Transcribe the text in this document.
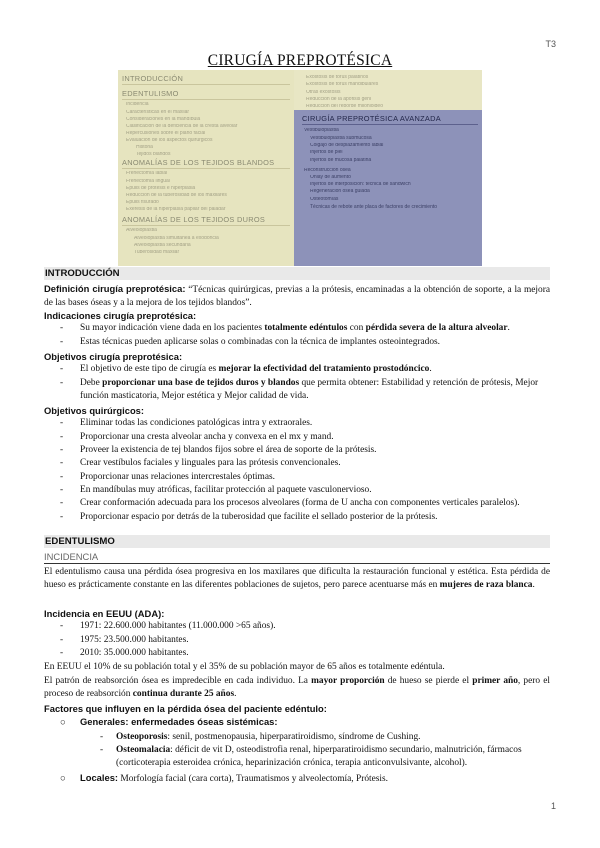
T3
CIRUGÍA PREPROTÉSICA
INTRODUCCIÓN
EDENTULISMO
Incidencia
Características en el maxilar
Consideraciones en la mandíbula
Clasificación de la deficiencia de la cresta alveolar
Repercusiones sobre el plano facial
Evaluación de los aspectos quirúrgicos
Historia
Tejidos blandos
ANOMALÍAS DE LOS TEJIDOS BLANDOS
Frenectomía labial
Frenectomía lingual
Epulis de prótesis e hiperplasia
Reducción de la tuberosidad de los maxilares
Épulis fisurado
Exéresis de la hiperplasia papilar del paladar
ANOMALÍAS DE LOS TEJIDOS DUROS
Alveoloplastia
Alveoloplastia simultánea a exodoncia
Alveoloplastia secundaria
Tuberosidad maxilar
Exóstosis de torus palatinos
Exóstosis de torus mandibulares
Otras exóstosis
Reducción de la apófisis geni
Reducción del reborde milohioideo
CIRUGÍA PREPROTÉSICA AVANZADA
Vestibuloplastia
Vestibuloplastia submucosa
Colgajo de desplazamiento labial
Injertos de piel
Injertos de mucosa palatina
Reconstrucción ósea
Onlay de aumento
Injertos de interposición: técnica de sandwich
Regeneración ósea guiada
Osteotomías
Técnicas de rebote ante placa de factores de crecimiento
INTRODUCCIÓN
Definición cirugía preprotésica: “Técnicas quirúrgicas, previas a la prótesis, encaminadas a la obtención de soporte, a la mejora de las bases óseas y a la mejora de los tejidos blandos”.
Indicaciones cirugía preprotésica:
- Su mayor indicación viene dada en los pacientes totalmente edéntulos con pérdida severa de la altura alveolar.
- Estas técnicas pueden aplicarse solas o combinadas con la técnica de implantes osteointegrados.
Objetivos cirugía preprotésica:
- El objetivo de este tipo de cirugía es mejorar la efectividad del tratamiento prostodóncico.
- Debe proporcionar una base de tejidos duros y blandos que permita obtener: Estabilidad y retención de prótesis, Mejor función masticatoria, Mejor estética y Mejor calidad de vida.
Objetivos quirúrgicos:
- Eliminar todas las condiciones patológicas intra y extraorales.
- Proporcionar una cresta alveolar ancha y convexa en el mx y mand.
- Proveer la existencia de tej blandos fijos sobre el área de soporte de la prótesis.
- Crear vestíbulos faciales y linguales para las prótesis convencionales.
- Proporcionar unas relaciones intercrestales óptimas.
- En mandíbulas muy atróficas, facilitar protección al paquete vasculonervioso.
- Crear conformación adecuada para los procesos alveolares (forma de U ancha con componentes verticales paralelos).
- Proporcionar espacio por detrás de la tuberosidad que facilite el sellado posterior de la prótesis.
EDENTULISMO
INCIDENCIA
El edentulismo causa una pérdida ósea progresiva en los maxilares que dificulta la restauración funcional y estética. Esta pérdida de hueso es prácticamente constante en las diferentes poblaciones de sujetos, pero parece acentuarse más en mujeres de raza blanca.
Incidencia en EEUU (ADA):
- 1971: 22.600.000 habitantes (11.000.000 >65 años).
- 1975: 23.500.000 habitantes.
- 2010: 35.000.000 habitantes.
En EEUU el 10% de su población total y el 35% de su población mayor de 65 años es totalmente edéntula.
El patrón de reabsorción ósea es impredecible en cada individuo. La mayor proporción de hueso se pierde el primer año, pero el proceso de reabsorción continua durante 25 años.
Factores que influyen en la pérdida ósea del paciente edéntulo:
○	Generales: enfermedades óseas sistémicas:
- Osteoporosis: senil, postmenopausia, hiperparatiroidismo, síndrome de Cushing.
- Osteomalacia: déficit de vit D, osteodistrofia renal, hiperparatiroidismo secundario, malnutrición, fármacos (corticoterapia esteroidea crónica, heparinización crónica, terapia anticonvulsivante, alcohol).
○	Locales: Morfología facial (cara corta), Traumatismos y alveolectomía, Prótesis.
1
